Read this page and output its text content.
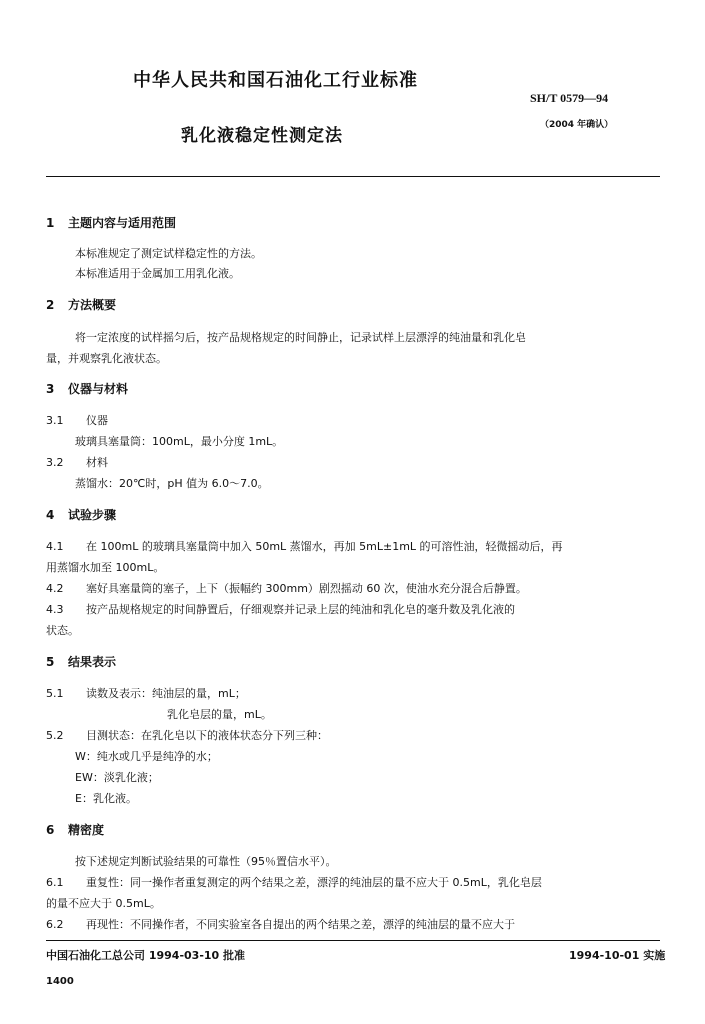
中华人民共和国石油化工行业标准
SH/T 0579—94
乳化液稳定性测定法
（2004 年确认）
1 主题内容与适用范围
本标准规定了测定试样稳定性的方法。
本标准适用于金属加工用乳化液。
2 方法概要
将一定浓度的试样摇匀后，按产品规格规定的时间静止，记录试样上层漂浮的纯油量和乳化皂
量，并观察乳化液状态。
3 仪器与材料
3.1 仪器
玻璃具塞量筒：100mL，最小分度 1mL。
3.2 材料
蒸馏水：20℃时，pH 值为 6.0～7.0。
4 试验步骤
4.1 在 100mL 的玻璃具塞量筒中加入 50mL 蒸馏水，再加 5mL±1mL 的可溶性油，轻微摇动后，再
用蒸馏水加至 100mL。
4.2 塞好具塞量筒的塞子，上下（振幅约 300mm）剧烈摇动 60 次，使油水充分混合后静置。
4.3 按产品规格规定的时间静置后，仔细观察并记录上层的纯油和乳化皂的毫升数及乳化液的
状态。
5 结果表示
5.1 读数及表示：纯油层的量，mL；
乳化皂层的量，mL。
5.2 目测状态：在乳化皂以下的液体状态分下列三种：
W：纯水或几乎是纯净的水；
EW：淡乳化液；
E：乳化液。
6 精密度
按下述规定判断试验结果的可靠性（95％置信水平）。
6.1 重复性：同一操作者重复测定的两个结果之差，漂浮的纯油层的量不应大于 0.5mL，乳化皂层
的量不应大于 0.5mL。
6.2 再现性：不同操作者，不同实验室各自提出的两个结果之差，漂浮的纯油层的量不应大于
中国石油化工总公司 1994-03-10 批准	1994-10-01 实施
1400
